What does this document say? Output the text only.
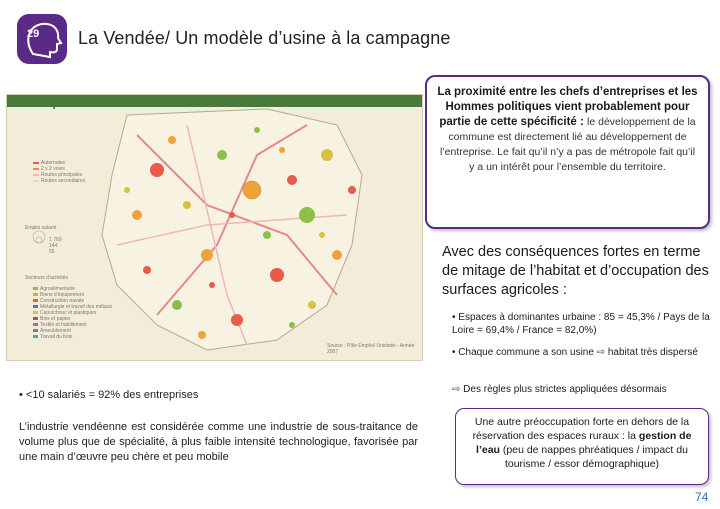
29 La Vendée/ Un modèle d’usine à la campagne
Autoroutes
2 x 2 voies
Routes principales
Routes secondaires
Emploi salarié
1 760
144
55
Secteurs d’activités
Agroalimentaire
Biens d’équipement
Construction navale
Métallurgie et travail des métaux
Caoutchouc et plastiques
Bois et papier
Textile et habillement
Ameublement
Travail du bois
Source : Pôle Emploi/ Unistatis - Année 2007
La proximité entre les chefs d’entreprises et les Hommes politiques vient probablement pour partie de cette spécificité : le développement de la commune est directement lié au développement de l’entreprise. Le fait qu’il n’y a pas de métropole fait qu’il y a un intérêt pour l’ensemble du territoire.
Avec des conséquences fortes en terme de mitage de l’habitat et d’occupation des surfaces agricoles :
• Espaces à dominantes urbaine : 85 = 45,3% / Pays de la Loire = 69,4% / France = 82,0%)
• Chaque commune a son usine ⇨ habitat très dispersé
⇨ Des règles plus strictes appliquées désormais
• <10 salariés = 92% des entreprises
L’industrie vendéenne est considérée comme une industrie de sous-traitance de volume plus que de spécialité, à plus faible intensité technologique, favorisée par une main d’œuvre peu chère et peu mobile
Une autre préoccupation forte en dehors de la réservation des espaces ruraux : la gestion de l’eau (peu de nappes phréatiques / impact du tourisme / essor démographique)
74
